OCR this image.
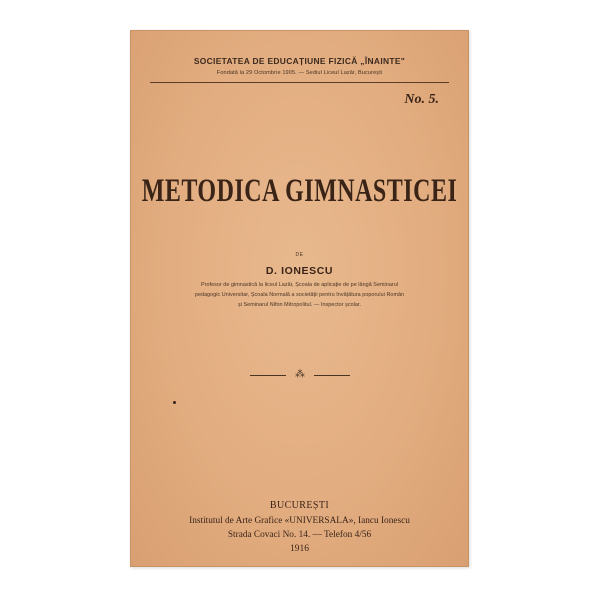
SOCIETATEA DE EDUCAȚIUNE FIZICĂ „ÎNAINTE"
Fondată la 29 Octombrie 1905. — Sediul Liceul Lazăr, București
No. 5.
METODICA GIMNASTICEI
DE
D. IONESCU
Profesor de gimnastică la liceul Lazăr, Școala de aplicație de pe lângă Seminarul
pedagogic Universitar, Școala Normală a societății pentru învățătura poporului Român
și Seminarul Nifon Mitropolitul. — Inspector școlar.
⁂
BUCUREȘTI
Institutul de Arte Grafice «UNIVERSALA», Iancu Ionescu
Strada Covaci No. 14. — Telefon 4/56
1916
